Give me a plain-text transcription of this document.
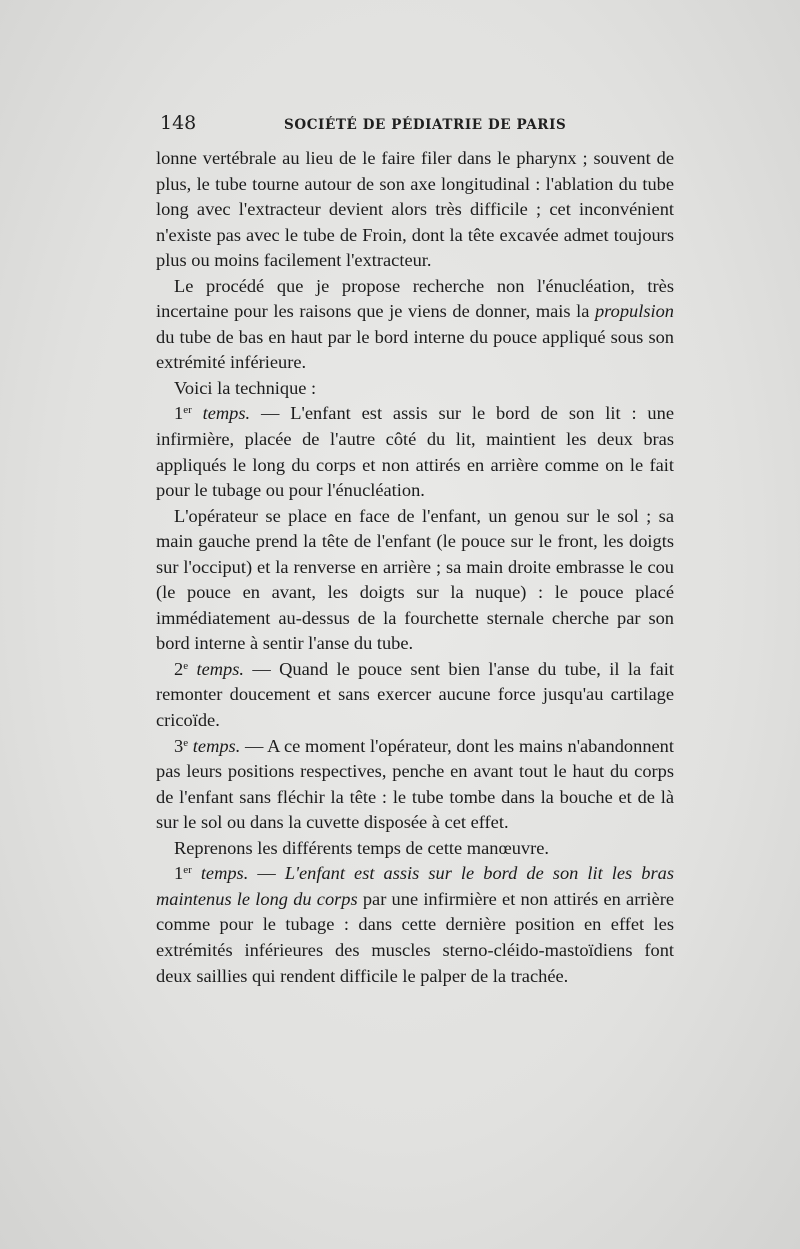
148	SOCIÉTÉ DE PÉDIATRIE DE PARIS

lonne vertébrale au lieu de le faire filer dans le pharynx ; souvent de plus, le tube tourne autour de son axe longitudinal : l'ablation du tube long avec l'extracteur devient alors très difficile ; cet inconvénient n'existe pas avec le tube de Froin, dont la tête excavée admet toujours plus ou moins facilement l'extracteur.

Le procédé que je propose recherche non l'énucléation, très incertaine pour les raisons que je viens de donner, mais la propulsion du tube de bas en haut par le bord interne du pouce appliqué sous son extrémité inférieure.

Voici la technique :

1er temps. — L'enfant est assis sur le bord de son lit : une infirmière, placée de l'autre côté du lit, maintient les deux bras appliqués le long du corps et non attirés en arrière comme on le fait pour le tubage ou pour l'énucléation.

L'opérateur se place en face de l'enfant, un genou sur le sol ; sa main gauche prend la tête de l'enfant (le pouce sur le front, les doigts sur l'occiput) et la renverse en arrière ; sa main droite embrasse le cou (le pouce en avant, les doigts sur la nuque) : le pouce placé immédiatement au-dessus de la fourchette sternale cherche par son bord interne à sentir l'anse du tube.

2e temps. — Quand le pouce sent bien l'anse du tube, il la fait remonter doucement et sans exercer aucune force jusqu'au cartilage cricoïde.

3e temps. — A ce moment l'opérateur, dont les mains n'abandonnent pas leurs positions respectives, penche en avant tout le haut du corps de l'enfant sans fléchir la tête : le tube tombe dans la bouche et de là sur le sol ou dans la cuvette disposée à cet effet.

Reprenons les différents temps de cette manœuvre.

1er temps. — L'enfant est assis sur le bord de son lit les bras maintenus le long du corps par une infirmière et non attirés en arrière comme pour le tubage : dans cette dernière position en effet les extrémités inférieures des muscles sterno-cléido-mastoïdiens font deux saillies qui rendent difficile le palper de la trachée.
